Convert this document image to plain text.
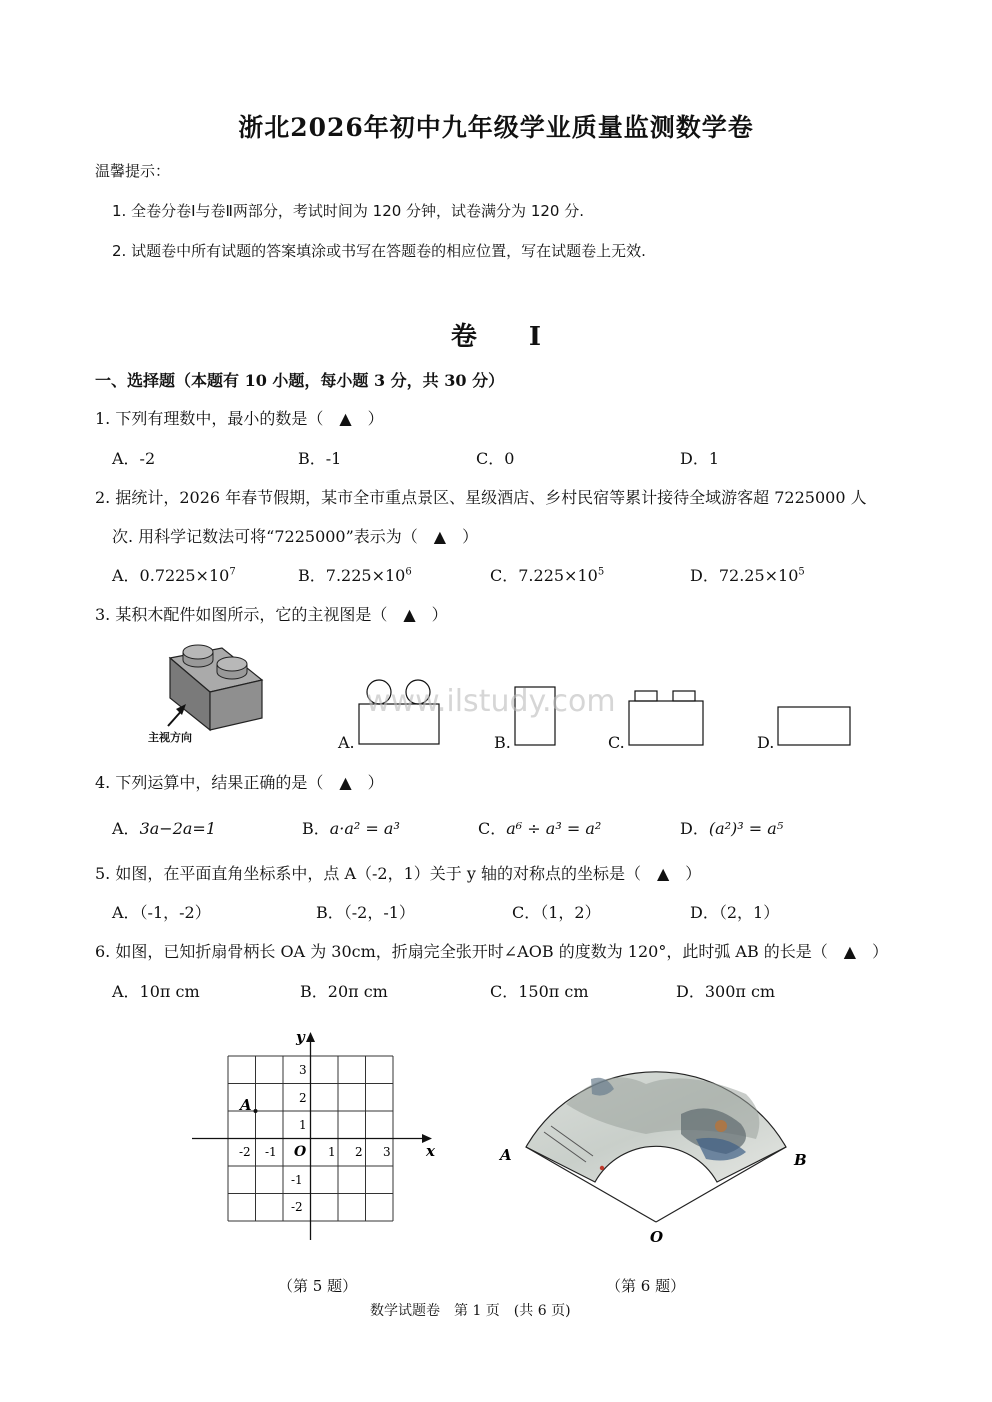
浙北2026年初中九年级学业质量监测数学卷
温馨提示：
1. 全卷分卷Ⅰ与卷Ⅱ两部分，考试时间为 120 分钟，试卷满分为 120 分.
2. 试题卷中所有试题的答案填涂或书写在答题卷的相应位置，写在试题卷上无效.
卷　　Ⅰ
一、选择题（本题有 10 小题，每小题 3 分，共 30 分）
1. 下列有理数中，最小的数是（　▲　）
A．-2	B．-1	C．0	D．1
2. 据统计，2026 年春节假期，某市全市重点景区、星级酒店、乡村民宿等累计接待全域游客超 7225000 人
次. 用科学记数法可将“7225000”表示为（　▲　）
A．$0.7225\times 10^7$	B．$7.225\times 10^6$	C．$7.225\times 10^5$	D．$72.25\times 10^5$
3. 某积木配件如图所示，它的主视图是（　▲　）
主视方向	A.	B.	C.	D.
www.ilstudy.com
4. 下列运算中，结果正确的是（　▲　）
A．3a−2a=1	B．a·a² = a³	C．a⁶ ÷ a³ = a²	D．(a²)³ = a⁵
5. 如图，在平面直角坐标系中，点 A（-2，1）关于 y 轴的对称点的坐标是（　▲　）
A．（-1，-2）	B．（-2，-1）	C．（1，2）	D．（2，1）
6. 如图，已知折扇骨柄长 OA 为 30cm，折扇完全张开时∠AOB 的度数为 120°，此时弧 AB 的长是（　▲　）
A．10π cm	B．20π cm	C．150π cm	D．300π cm
x
y
O
-2 -1	1 2 3
3
2
1
-1
-2
A
（第 5 题）
A	B
O
（第 6 题）
数学试题卷　第 1 页　(共 6 页)
